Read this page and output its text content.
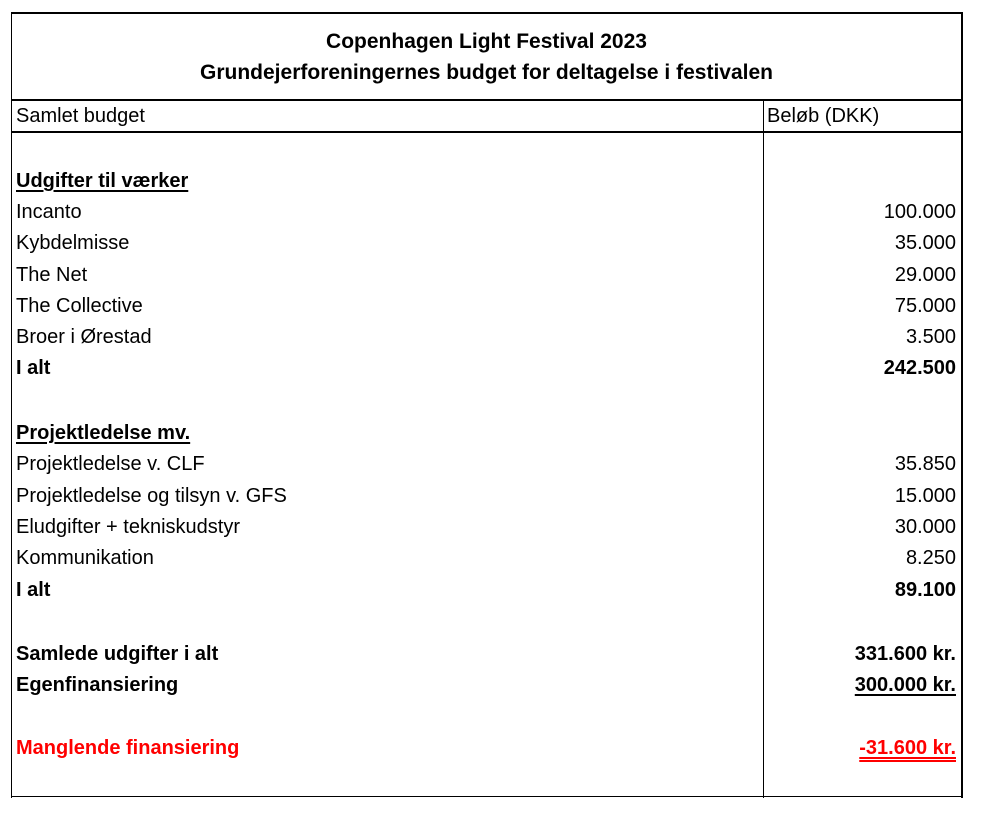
Copenhagen Light Festival 2023
Grundejerforeningernes budget for deltagelse i festivalen
Samlet budget	Beløb (DKK)
Udgifter til værker
Incanto	100.000
Kybdelmisse	35.000
The Net	29.000
The Collective	75.000
Broer i Ørestad	3.500
I alt	242.500
Projektledelse mv.
Projektledelse v. CLF	35.850
Projektledelse og tilsyn v. GFS	15.000
Eludgifter + tekniskudstyr	30.000
Kommunikation	8.250
I alt	89.100
Samlede udgifter i alt	331.600 kr.
Egenfinansiering	300.000 kr.
Manglende finansiering	-31.600 kr.
